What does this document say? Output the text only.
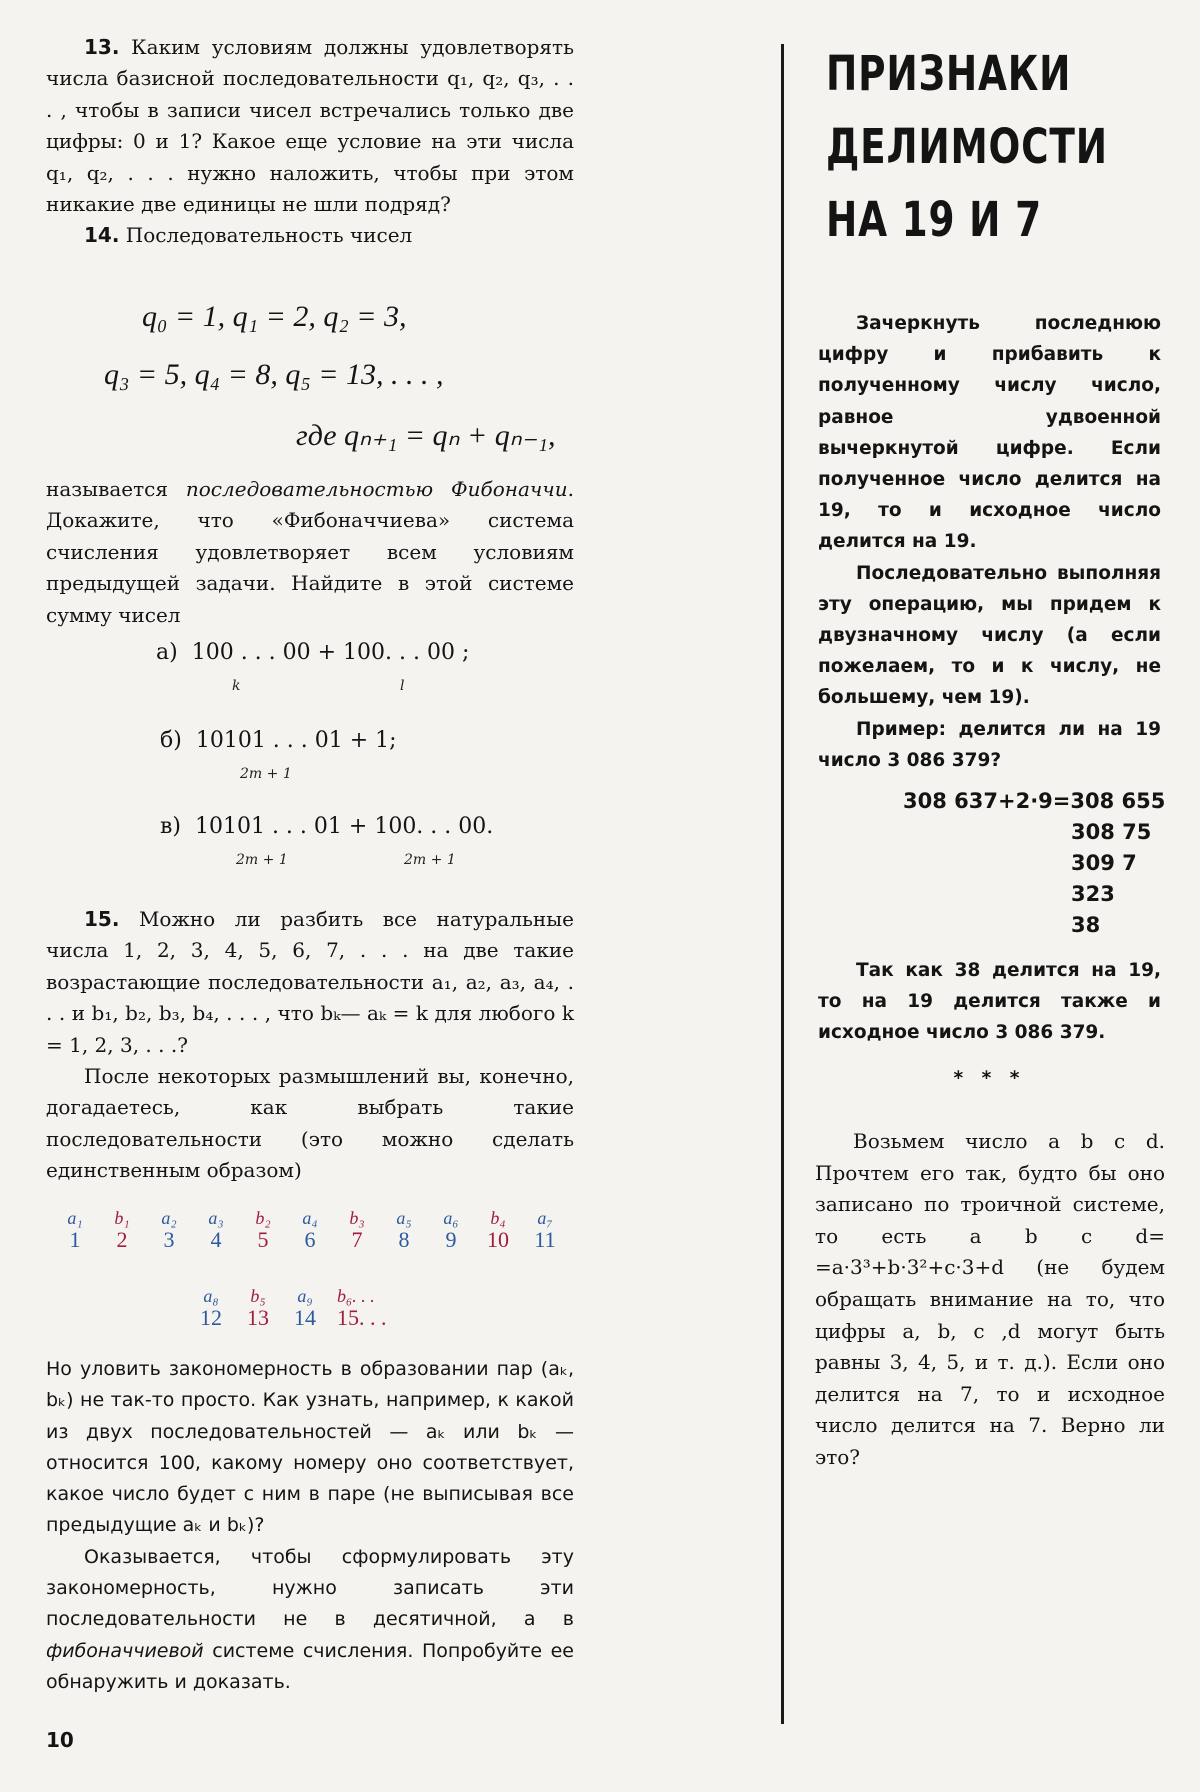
13. Каким условиям должны удовлетворять числа базисной последовательности q₁, q₂, q₃, . . . , чтобы в записи чисел встречались только две цифры: 0 и 1? Какое еще условие на эти числа q₁, q₂, . . . нужно наложить, чтобы при этом никакие две единицы не шли подряд?

14. Последовательность чисел

q₀ = 1, q₁ = 2, q₂ = 3,
q₃ = 5, q₄ = 8, q₅ = 13, . . . ,
где qₙ₊₁ = qₙ + qₙ₋₁,

называется последовательностью Фибоначчи. Докажите, что «Фибоначчиева» система счисления удовлетворяет всем условиям предыдущей задачи. Найдите в этой системе сумму чисел

а) 100 . . . 00 + 100. . . 00 ;
k	l
б) 10101 . . . 01 + 1;
2m + 1
в) 10101 . . . 01 + 100. . . 00.
2m + 1	2m + 1

15. Можно ли разбить все натуральные числа 1, 2, 3, 4, 5, 6, 7, . . . на две такие возрастающие последовательности a₁, a₂, a₃, a₄, . . . и b₁, b₂, b₃, b₄, . . . , что bₖ— aₖ = k для любого k = 1, 2, 3, . . .?

После некоторых размышлений вы, конечно, догадаетесь, как выбрать такие последовательности (это можно сделать единственным образом)

a₁
1
b₁
2
a₂
3
a₃
4
b₂
5
a₄
6
b₃
7
a₅
8
a₆
9
b₄
10
a₇
11
a₈
12
b₅
13
a₉
14
b₆. . .
15. . .

Но уловить закономерность в образовании пар (aₖ, bₖ) не так-то просто. Как узнать, например, к какой из двух последовательностей — aₖ или bₖ — относится 100, какому номеру оно соответствует, какое число будет с ним в паре (не выписывая все предыдущие aₖ и bₖ)?

Оказывается, чтобы сформулировать эту закономерность, нужно записать эти последовательности не в десятичной, а в фибоначчиевой системе счисления. Попробуйте ее обнаружить и доказать.

10
ПРИЗНАКИ
ДЕЛИМОСТИ
НА 19 И 7

Зачеркнуть последнюю цифру и прибавить к полученному числу число, равное удвоенной вычеркнутой цифре. Если полученное число делится на 19, то и исходное число делится на 19.

Последовательно выполняя эту операцию, мы придем к двузначному числу (а если пожелаем, то и к числу, не большему, чем 19).

Пример: делится ли на 19 число 3 086 379?

308 637+2·9=308 655
308 75
309 7
323
38

Так как 38 делится на 19, то на 19 делится также и исходное число 3 086 379.

* * *

Возьмем число a b c d. Прочтем его так, будто бы оно записано по троичной системе, то есть a b c d= =a·3³+b·3²+c·3+d (не будем обращать внимание на то, что цифры a, b, c ,d могут быть равны 3, 4, 5, и т. д.). Если оно делится на 7, то и исходное число делится на 7. Верно ли это?
